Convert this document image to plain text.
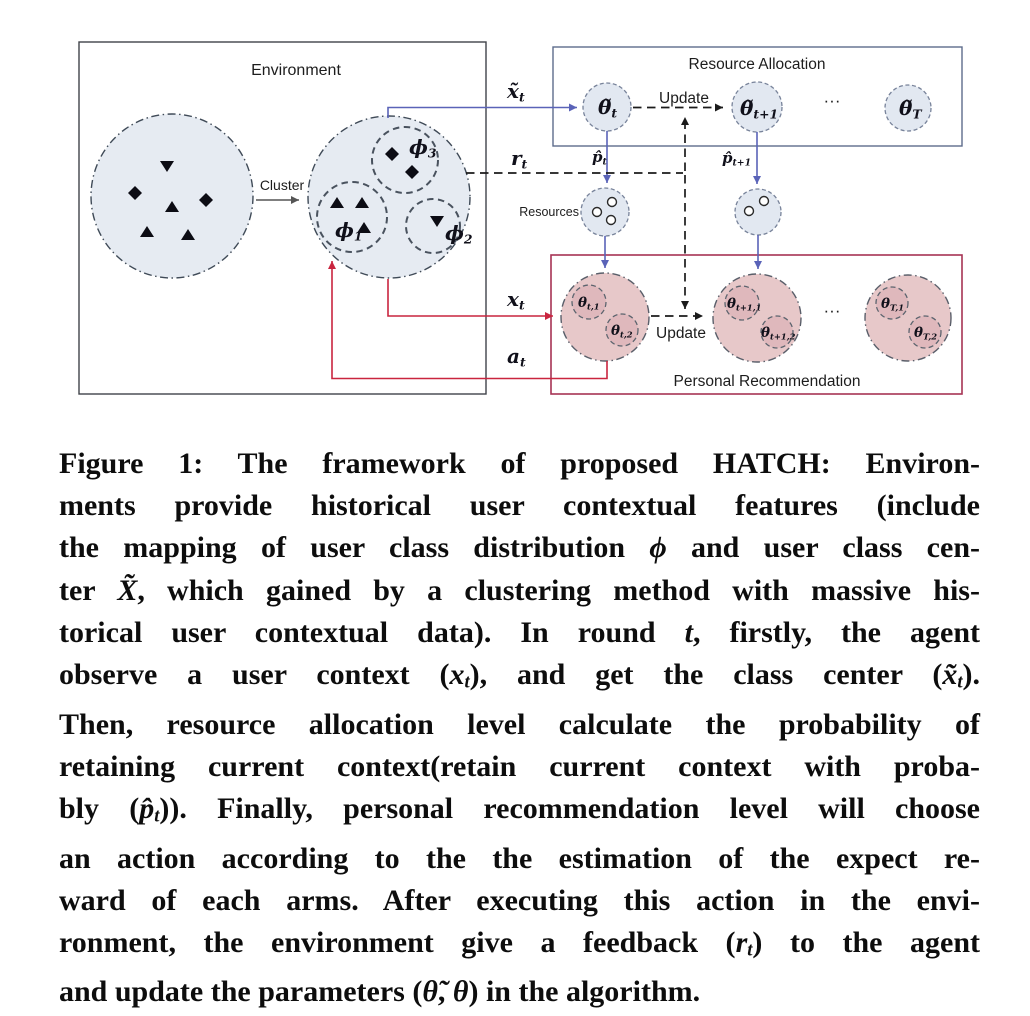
Environment
Cluster
Resource Allocation
Update
Resources
Update
Personal Recommendation
···
···
x̃t
rt
xt
at
p̂t	p̂t+1
θ̃t	θ̃t+1	θ̃T
θt,1
θt,2
θt+1,1
θt+1,2
θT,1
θT,2
ϕ1	ϕ2
ϕ3
Figure 1: The framework of proposed HATCH: Environ-
ments provide historical user contextual features (include
the mapping of user class distribution ϕ and user class cen-
ter X̃, which gained by a clustering method with massive his-
torical user contextual data). In round t, firstly, the agent
observe a user context (xt), and get the class center (x̃t).
Then, resource allocation level calculate the probability of
retaining current context(retain current context with proba-
bly (p̂t)). Finally, personal recommendation level will choose
an action according to the the estimation of the expect re-
ward of each arms. After executing this action in the envi-
ronment, the environment give a feedback (rt) to the agent
and update the parameters (θ̃, θ) in the algorithm.
